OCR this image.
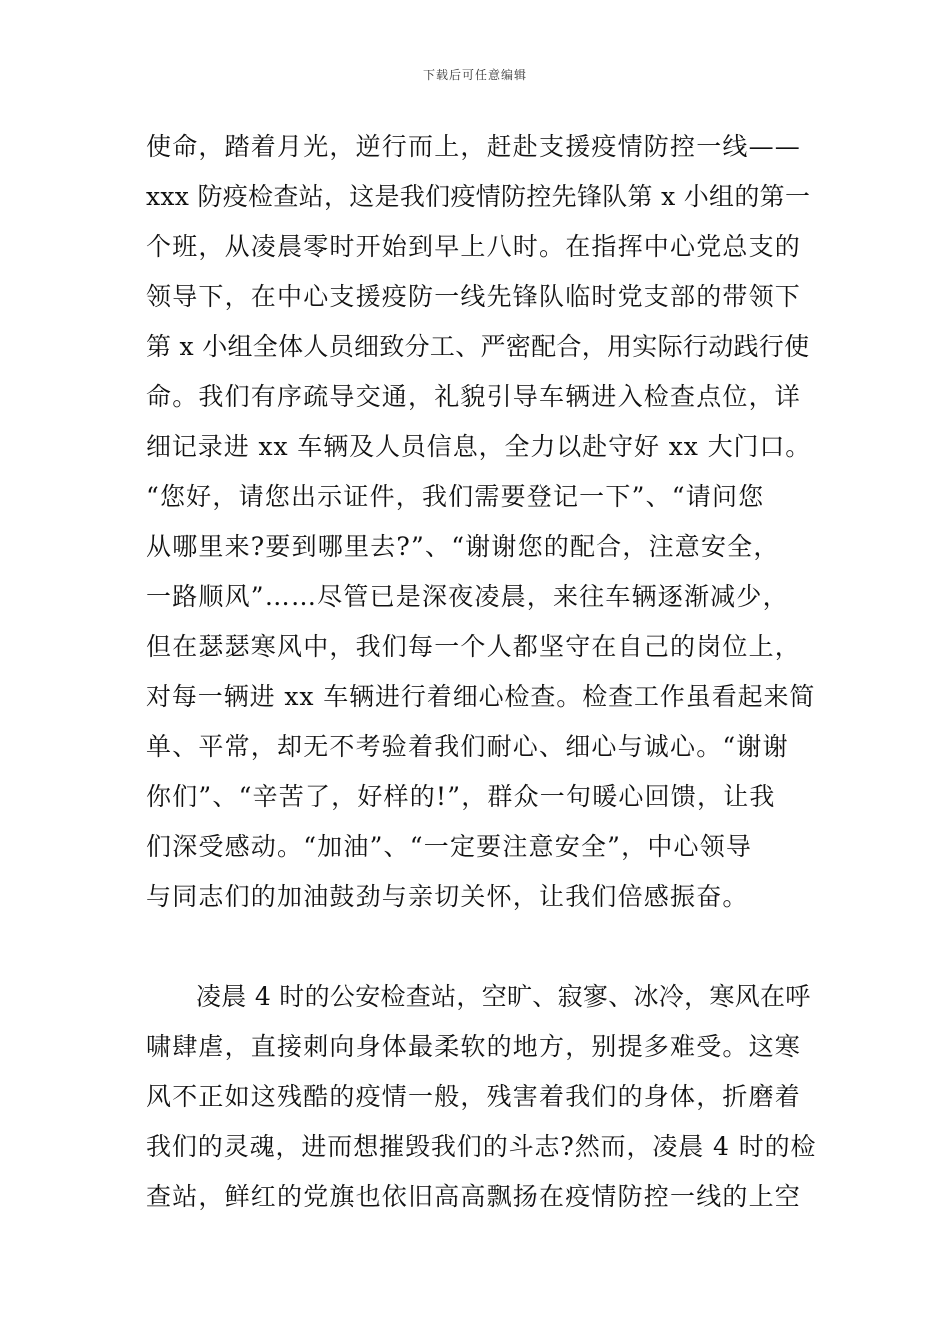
下载后可任意编辑
使命，踏着月光，逆行而上，赶赴支援疫情防控一线——
xxx 防疫检查站，这是我们疫情防控先锋队第 x 小组的第一
个班，从凌晨零时开始到早上八时。在指挥中心党总支的
领导下，在中心支援疫防一线先锋队临时党支部的带领下
第 x 小组全体人员细致分工、严密配合，用实际行动践行使
命。我们有序疏导交通，礼貌引导车辆进入检查点位，详
细记录进 xx 车辆及人员信息，全力以赴守好 xx 大门口。
“您好，请您出示证件，我们需要登记一下”、“请问您
从哪里来?要到哪里去?”、“谢谢您的配合，注意安全，
一路顺风”……尽管已是深夜凌晨，来往车辆逐渐减少，
但在瑟瑟寒风中，我们每一个人都坚守在自己的岗位上，
对每一辆进 xx 车辆进行着细心检查。检查工作虽看起来简
单、平常，却无不考验着我们耐心、细心与诚心。“谢谢
你们”、“辛苦了，好样的!”，群众一句暖心回馈，让我
们深受感动。“加油”、“一定要注意安全”，中心领导
与同志们的加油鼓劲与亲切关怀，让我们倍感振奋。
凌晨 4 时的公安检查站，空旷、寂寥、冰冷，寒风在呼
啸肆虐，直接刺向身体最柔软的地方，别提多难受。这寒
风不正如这残酷的疫情一般，残害着我们的身体，折磨着
我们的灵魂，进而想摧毁我们的斗志?然而，凌晨 4 时的检
查站，鲜红的党旗也依旧高高飘扬在疫情防控一线的上空
